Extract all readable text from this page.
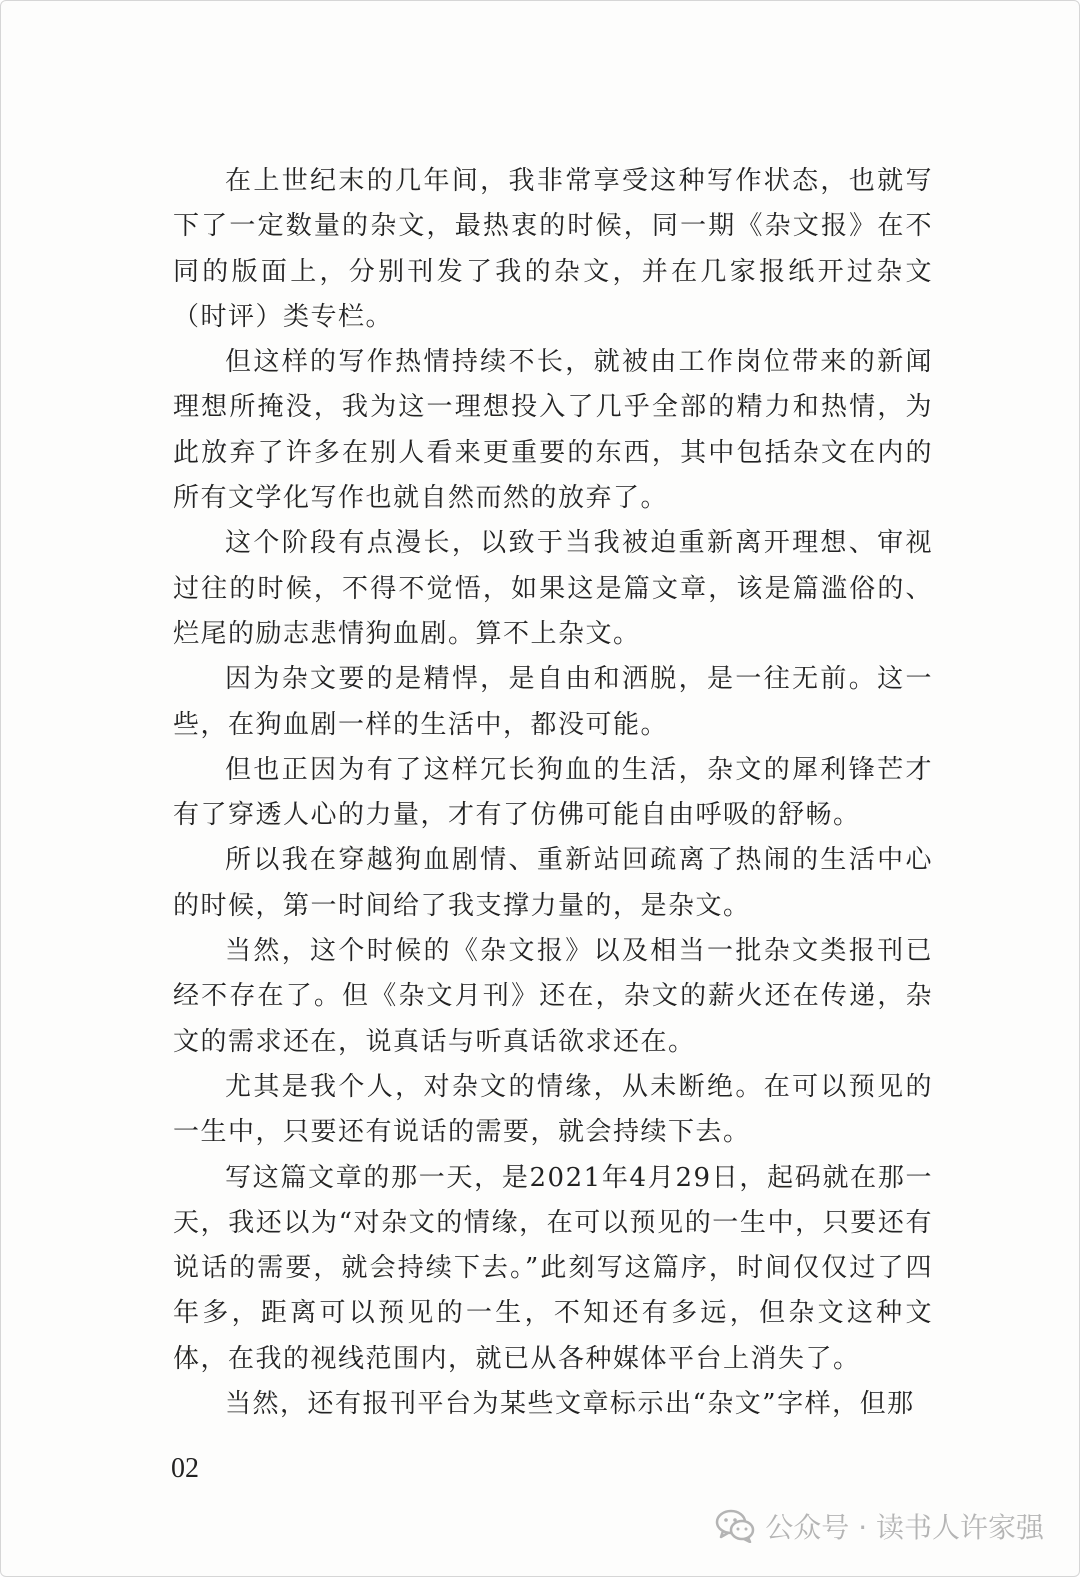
在上世纪末的几年间，我非常享受这种写作状态，也就写下了一定数量的杂文，最热衷的时候，同一期《杂文报》在不同的版面上，分别刊发了我的杂文，并在几家报纸开过杂文（时评）类专栏。

但这样的写作热情持续不长，就被由工作岗位带来的新闻理想所掩没，我为这一理想投入了几乎全部的精力和热情，为此放弃了许多在别人看来更重要的东西，其中包括杂文在内的所有文学化写作也就自然而然的放弃了。

这个阶段有点漫长，以致于当我被迫重新离开理想、审视过往的时候，不得不觉悟，如果这是篇文章，该是篇滥俗的、烂尾的励志悲情狗血剧。算不上杂文。

因为杂文要的是精悍，是自由和洒脱，是一往无前。这一些，在狗血剧一样的生活中，都没可能。

但也正因为有了这样冗长狗血的生活，杂文的犀利锋芒才有了穿透人心的力量，才有了仿佛可能自由呼吸的舒畅。

所以我在穿越狗血剧情、重新站回疏离了热闹的生活中心的时候，第一时间给了我支撑力量的，是杂文。

当然，这个时候的《杂文报》以及相当一批杂文类报刊已经不存在了。但《杂文月刊》还在，杂文的薪火还在传递，杂文的需求还在，说真话与听真话欲求还在。

尤其是我个人，对杂文的情缘，从未断绝。在可以预见的一生中，只要还有说话的需要，就会持续下去。

写这篇文章的那一天，是2021年4月29日，起码就在那一天，我还以为“对杂文的情缘，在可以预见的一生中，只要还有说话的需要，就会持续下去。”此刻写这篇序，时间仅仅过了四年多，距离可以预见的一生，不知还有多远，但杂文这种文体，在我的视线范围内，就已从各种媒体平台上消失了。

当然，还有报刊平台为某些文章标示出“杂文”字样，但那

02
公众号 · 读书人许家强
